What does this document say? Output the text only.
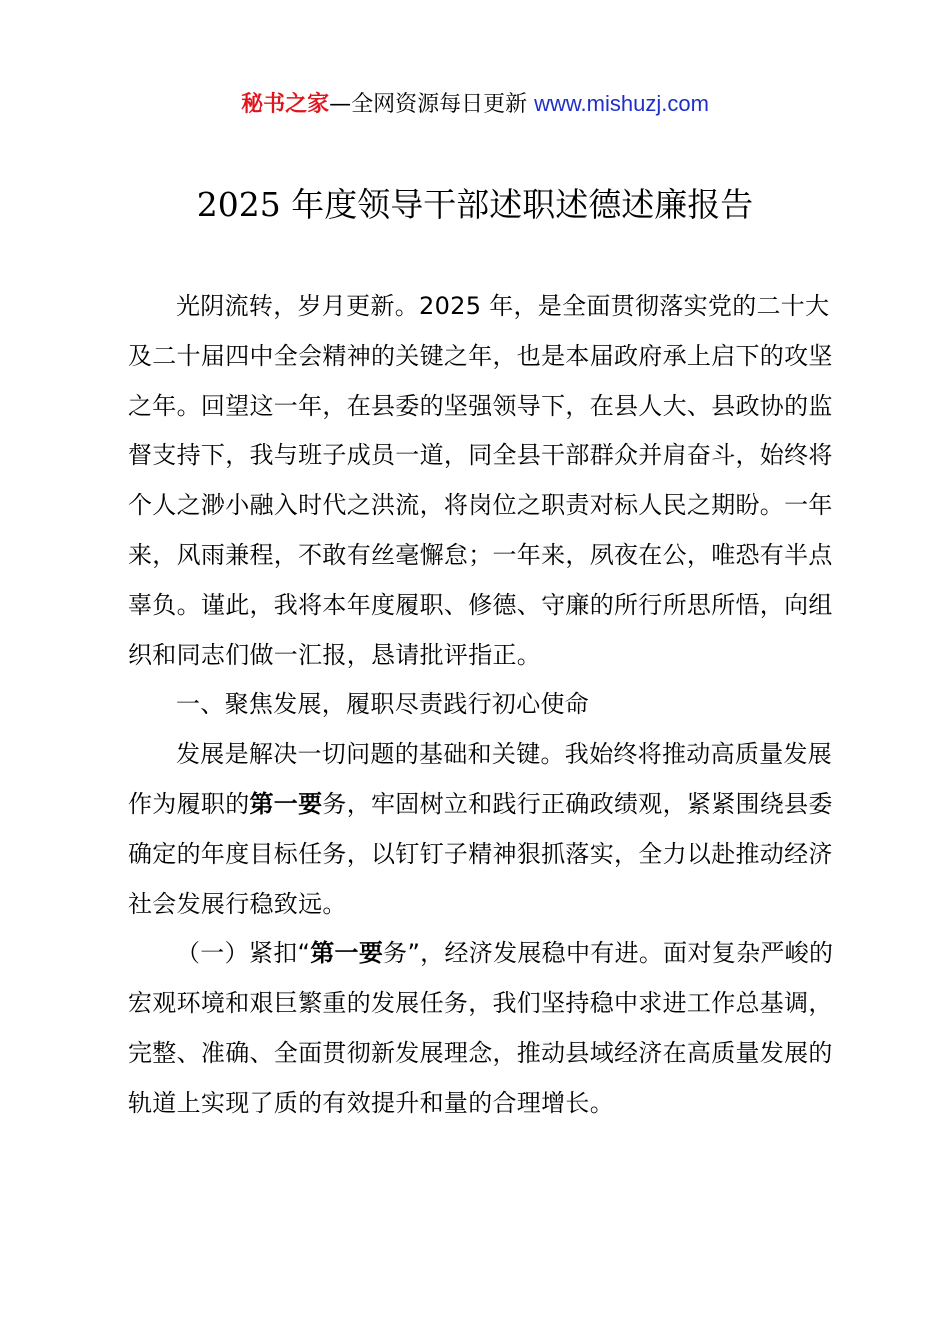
秘书之家—全网资源每日更新 www.mishuzj.com
2025 年度领导干部述职述德述廉报告

光阴流转，岁月更新。2025 年，是全面贯彻落实党的二十大及二十届四中全会精神的关键之年，也是本届政府承上启下的攻坚之年。回望这一年，在县委的坚强领导下，在县人大、县政协的监督支持下，我与班子成员一道，同全县干部群众并肩奋斗，始终将个人之渺小融入时代之洪流，将岗位之职责对标人民之期盼。一年来，风雨兼程，不敢有丝毫懈怠；一年来，夙夜在公，唯恐有半点辜负。谨此，我将本年度履职、修德、守廉的所行所思所悟，向组织和同志们做一汇报，恳请批评指正。

一、聚焦发展，履职尽责践行初心使命

发展是解决一切问题的基础和关键。我始终将推动高质量发展作为履职的第一要务，牢固树立和践行正确政绩观，紧紧围绕县委确定的年度目标任务，以钉钉子精神狠抓落实，全力以赴推动经济社会发展行稳致远。

（一）紧扣“第一要务”，经济发展稳中有进。面对复杂严峻的宏观环境和艰巨繁重的发展任务，我们坚持稳中求进工作总基调，完整、准确、全面贯彻新发展理念，推动县域经济在高质量发展的轨道上实现了质的有效提升和量的合理增长。
